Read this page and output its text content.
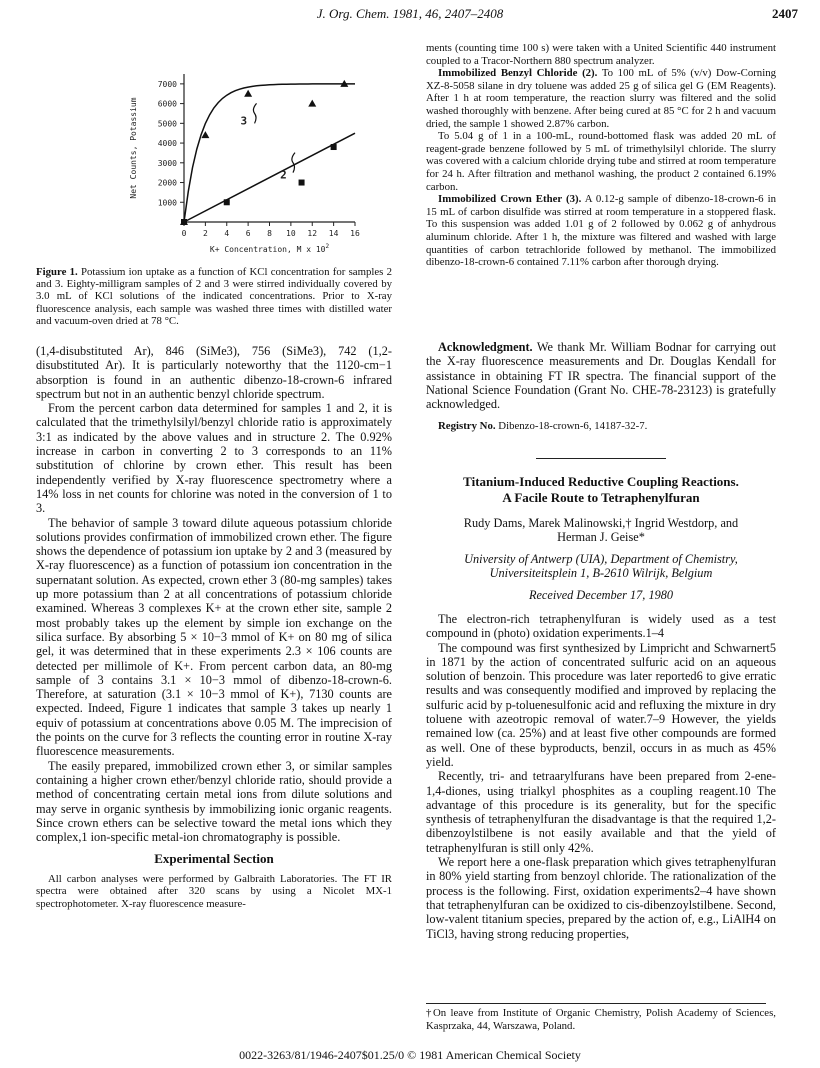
J. Org. Chem. 1981, 46, 2407–2408	2407
1000
2000
3000
4000
5000
6000
7000
0 2 4 6 8 10 12 14 16
K+ Concentration, M x $10^2$
Net Counts, Potassium	3
2
Figure 1. Potassium ion uptake as a function of KCl concentration for samples 2 and 3. Eighty-milligram samples of 2 and 3 were stirred individually covered by 3.0 mL of KCl solutions of the indicated concentrations. Prior to X-ray fluorescence analysis, each sample was washed three times with distilled water and vacuum-oven dried at 78 °C.

(1,4-disubstituted Ar), 846 (SiMe3), 756 (SiMe3), 742 (1,2-disubstituted Ar). It is particularly noteworthy that the 1120-cm−1 absorption is found in an authentic dibenzo-18-crown-6 infrared spectrum but not in an authentic benzyl chloride spectrum.

From the percent carbon data determined for samples 1 and 2, it is calculated that the trimethylsilyl/benzyl chloride ratio is approximately 3:1 as indicated by the above values and in structure 2. The 0.92% increase in carbon in converting 2 to 3 corresponds to an 11% substitution of chlorine by crown ether. This result has been independently verified by X-ray fluorescence spectrometry where a 14% loss in net counts for chlorine was noted in the conversion of 1 to 3.

The behavior of sample 3 toward dilute aqueous potassium chloride solutions provides confirmation of immobilized crown ether. The figure shows the dependence of potassium ion uptake by 2 and 3 (measured by X-ray fluorescence) as a function of potassium ion concentration in the supernatant solution. As expected, crown ether 3 (80-mg samples) takes up more potassium than 2 at all concentrations of potassium chloride examined. Whereas 3 complexes K+ at the crown ether site, sample 2 most probably takes up the element by simple ion exchange on the silica surface. By absorbing 5 × 10−3 mmol of K+ on 80 mg of silica gel, it was determined that in these experiments 2.3 × 106 counts are detected per millimole of K+. From percent carbon data, an 80-mg sample of 3 contains 3.1 × 10−3 mmol of dibenzo-18-crown-6. Therefore, at saturation (3.1 × 10−3 mmol of K+), 7130 counts are expected. Indeed, Figure 1 indicates that sample 3 takes up nearly 1 equiv of potassium at concentrations above 0.05 M. The imprecision of the points on the curve for 3 reflects the counting error in routine X-ray fluorescence measurements.

The easily prepared, immobilized crown ether 3, or similar samples containing a higher crown ether/benzyl chloride ratio, should provide a method of concentrating certain metal ions from dilute solutions and may serve in organic synthesis by immobilizing ionic organic reagents. Since crown ethers can be selective toward the metal ions which they complex,1 ion-specific metal-ion chromatography is possible.

Experimental Section

All carbon analyses were performed by Galbraith Laboratories. The FT IR spectra were obtained after 320 scans by using a Nicolet MX-1 spectrophotometer. X-ray fluorescence measure-

ments (counting time 100 s) were taken with a United Scientific 440 instrument coupled to a Tracor-Northern 880 spectrum analyzer.

Immobilized Benzyl Chloride (2). To 100 mL of 5% (v/v) Dow-Corning XZ-8-5058 silane in dry toluene was added 25 g of silica gel G (EM Reagents). After 1 h at room temperature, the reaction slurry was filtered and the solid washed thoroughly with benzene. After being cured at 85 °C for 2 h and vacuum dried, the sample 1 showed 2.87% carbon.

To 5.04 g of 1 in a 100-mL, round-bottomed flask was added 20 mL of reagent-grade benzene followed by 5 mL of trimethylsilyl chloride. The slurry was covered with a calcium chloride drying tube and stirred at room temperature for 24 h. After filtration and methanol washing, the product 2 contained 6.19% carbon.

Immobilized Crown Ether (3). A 0.12-g sample of dibenzo-18-crown-6 in 15 mL of carbon disulfide was stirred at room temperature in a stoppered flask. To this suspension was added 1.01 g of 2 followed by 0.062 g of anhydrous aluminum chloride. After 1 h, the mixture was filtered and washed with large quantities of carbon tetrachloride followed by methanol. The immobilized dibenzo-18-crown-6 contained 7.11% carbon after thorough drying.

Acknowledgment. We thank Mr. William Bodnar for carrying out the X-ray fluorescence measurements and Dr. Douglas Kendall for assistance in obtaining FT IR spectra. The financial support of the National Science Foundation (Grant No. CHE-78-23123) is gratefully acknowledged.

Registry No. Dibenzo-18-crown-6, 14187-32-7.

Titanium-Induced Reductive Coupling Reactions.
A Facile Route to Tetraphenylfuran
Rudy Dams, Marek Malinowski,† Ingrid Westdorp, and
Herman J. Geise*
University of Antwerp (UIA), Department of Chemistry,
Universiteitsplein 1, B-2610 Wilrijk, Belgium
Received December 17, 1980

The electron-rich tetraphenylfuran is widely used as a test compound in (photo) oxidation experiments.1–4

The compound was first synthesized by Limpricht and Schwarnert5 in 1871 by the action of concentrated sulfuric acid on an aqueous solution of benzoin. This procedure was later reported6 to give erratic results and was consequently modified and improved by replacing the sulfuric acid by p-toluenesulfonic acid and refluxing the mixture in dry toluene with azeotropic removal of water.7–9 However, the yields remained low (ca. 25%) and at least five other compounds are formed as well. One of these byproducts, benzil, occurs in as much as 45% yield.

Recently, tri- and tetraarylfurans have been prepared from 2-ene-1,4-diones, using trialkyl phosphites as a coupling reagent.10 The advantage of this procedure is its generality, but for the specific synthesis of tetraphenylfuran the disadvantage is that the required 1,2-dibenzoylstilbene is not easily available and that the yield of tetraphenylfuran is still only 42%.

We report here a one-flask preparation which gives tetraphenylfuran in 80% yield starting from benzoyl chloride. The rationalization of the process is the following. First, oxidation experiments2–4 have shown that tetraphenylfuran can be oxidized to cis-dibenzoylstilbene. Second, low-valent titanium species, prepared by the action of, e.g., LiAlH4 on TiCl3, having strong reducing properties,

†On leave from Institute of Organic Chemistry, Polish Academy of Sciences, Kasprzaka, 44, Warszawa, Poland.
0022-3263/81/1946-2407$01.25/0 © 1981 American Chemical Society
